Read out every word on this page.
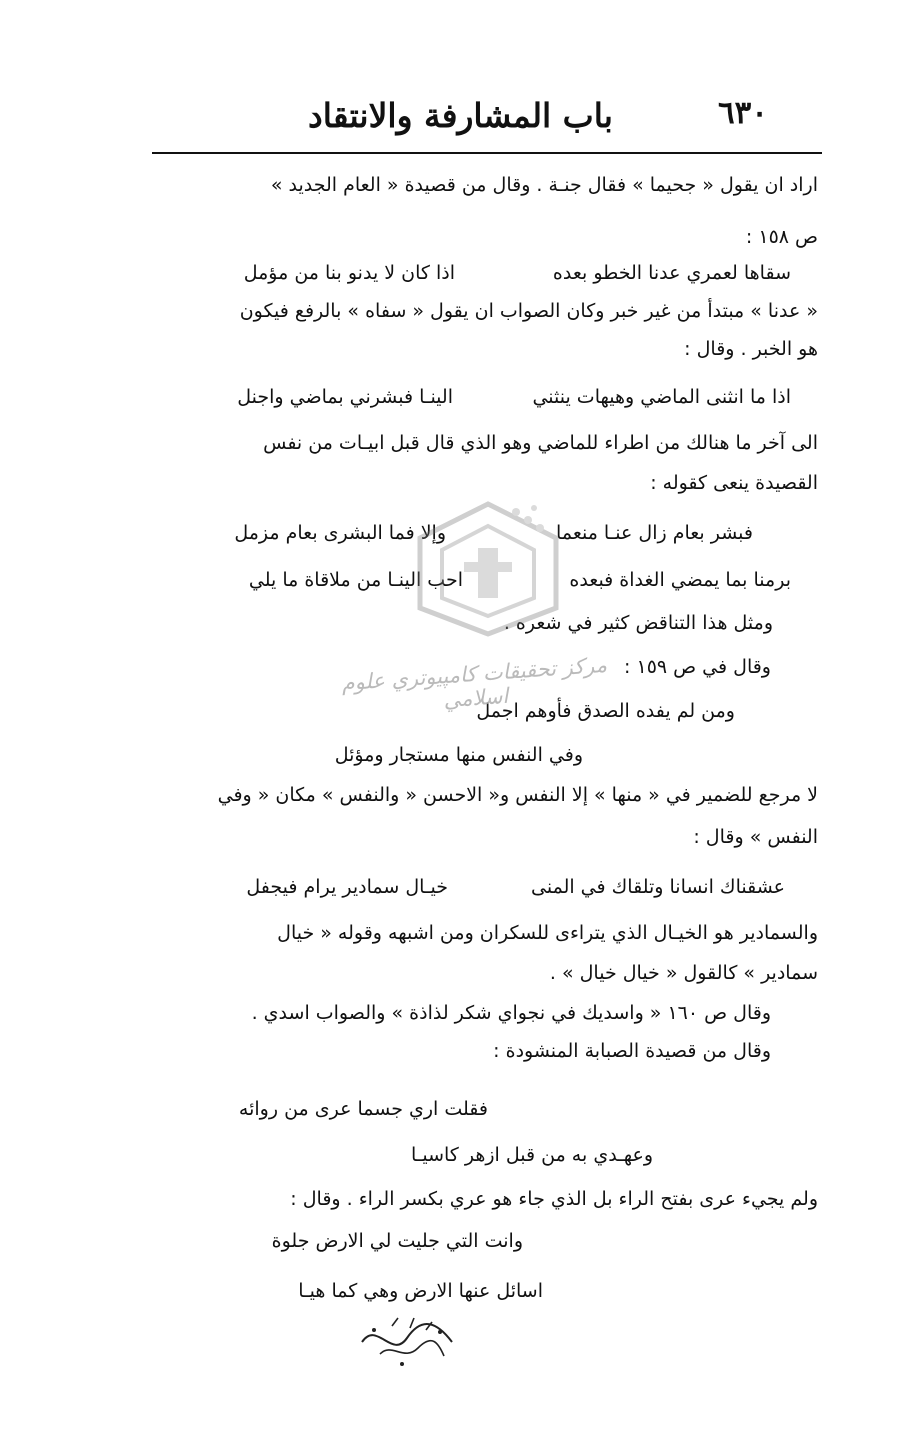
باب المشارفة والانتقاد	٦٣٠
اراد ان يقول « جحيما » فقال جنـة . وقال من قصيدة « العام الجديد »
ص ١٥٨ :
سقاها لعمري عدنا الخطو بعده
اذا كان لا يدنو بنا من مؤمل
« عدنا » مبتدأ من غير خبر وكان الصواب ان يقول « سفاه » بالرفع فيكون
هو الخبر . وقال :
اذا ما انثنى الماضي وهيهات ينثني
الينـا فبشرني بماضي واجنل
الى آخر ما هنالك من اطراء للماضي وهو الذي قال قبل ابيـات من نفس
القصيدة ينعى كقوله :
فبشر بعام زال عنـا منعما
وإلا فما البشرى بعام مزمل
برمنا بما يمضي الغداة فبعده
احب الينـا من ملاقاة ما يلي
ومثل هذا التناقض كثير في شعره .
وقال في ص ١٥٩ :
ومن لم يفده الصدق فأوهم اجمل
وفي النفس منها مستجار ومؤئل
لا مرجع للضمير في « منها » إلا النفس و« الاحسن « والنفس » مكان « وفي
النفس » وقال :
عشقناك انسانا وتلقاك في المنى
خيـال سمادير يرام فيجفل
والسمادير هو الخيـال الذي يتراءى للسكران ومن اشبهه وقوله « خيال
سمادير » كالقول « خيال خيال » .
وقال ص ١٦٠ « واسديك في نجواي شكر لذاذة » والصواب اسدي .
وقال من قصيدة الصبابة المنشودة :
فقلت اري جسما عرى من روائه
وعهـدي به من قبل ازهر كاسيـا
ولم يجيء عرى بفتح الراء بل الذي جاء هو عري بكسر الراء . وقال :
وانت التي جليت لي الارض جلوة
اسائل عنها الارض وهي كما هيـا
مركز تحقيقات كامپيوتري علوم اسلامي
